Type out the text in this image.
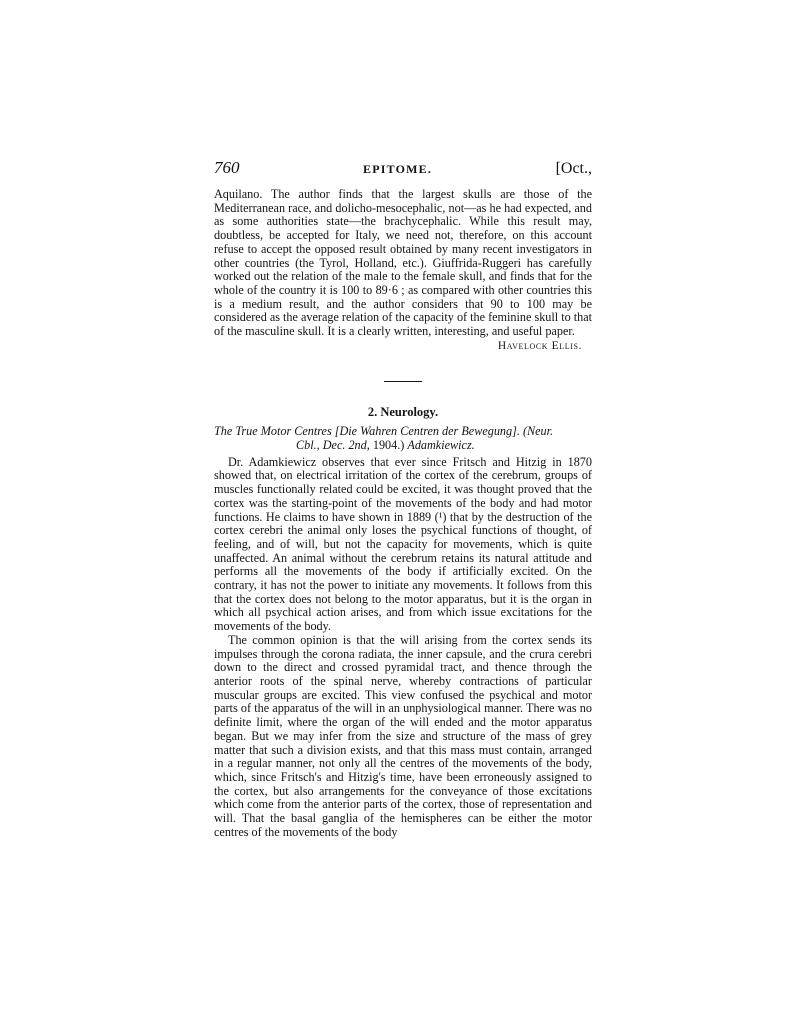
760	EPITOME.	[Oct.,

Aquilano. The author finds that the largest skulls are those of the Mediterranean race, and dolicho-mesocephalic, not—as he had expected, and as some authorities state—the brachycephalic. While this result may, doubtless, be accepted for Italy, we need not, therefore, on this account refuse to accept the opposed result obtained by many recent investigators in other countries (the Tyrol, Holland, etc.). Giuffrida-Ruggeri has carefully worked out the relation of the male to the female skull, and finds that for the whole of the country it is 100 to 89·6 ; as compared with other countries this is a medium result, and the author considers that 90 to 100 may be considered as the average relation of the capacity of the feminine skull to that of the masculine skull. It is a clearly written, interesting, and useful paper.

Havelock Ellis.
2. Neurology.
The True Motor Centres [Die Wahren Centren der Bewegung]. (Neur.
Cbl., Dec. 2nd, 1904.) Adamkiewicz.

Dr. Adamkiewicz observes that ever since Fritsch and Hitzig in 1870 showed that, on electrical irritation of the cortex of the cerebrum, groups of muscles functionally related could be excited, it was thought proved that the cortex was the starting-point of the movements of the body and had motor functions. He claims to have shown in 1889 (¹) that by the destruction of the cortex cerebri the animal only loses the psychical functions of thought, of feeling, and of will, but not the capacity for movements, which is quite unaffected. An animal without the cerebrum retains its natural attitude and performs all the movements of the body if artificially excited. On the contrary, it has not the power to initiate any movements. It follows from this that the cortex does not belong to the motor apparatus, but it is the organ in which all psychical action arises, and from which issue excitations for the movements of the body.

The common opinion is that the will arising from the cortex sends its impulses through the corona radiata, the inner capsule, and the crura cerebri down to the direct and crossed pyramidal tract, and thence through the anterior roots of the spinal nerve, whereby contractions of particular muscular groups are excited. This view confused the psychical and motor parts of the apparatus of the will in an unphysiological manner. There was no definite limit, where the organ of the will ended and the motor apparatus began. But we may infer from the size and structure of the mass of grey matter that such a division exists, and that this mass must contain, arranged in a regular manner, not only all the centres of the movements of the body, which, since Fritsch's and Hitzig's time, have been erroneously assigned to the cortex, but also arrangements for the conveyance of those excitations which come from the anterior parts of the cortex, those of representation and will. That the basal ganglia of the hemispheres can be either the motor centres of the movements of the body
